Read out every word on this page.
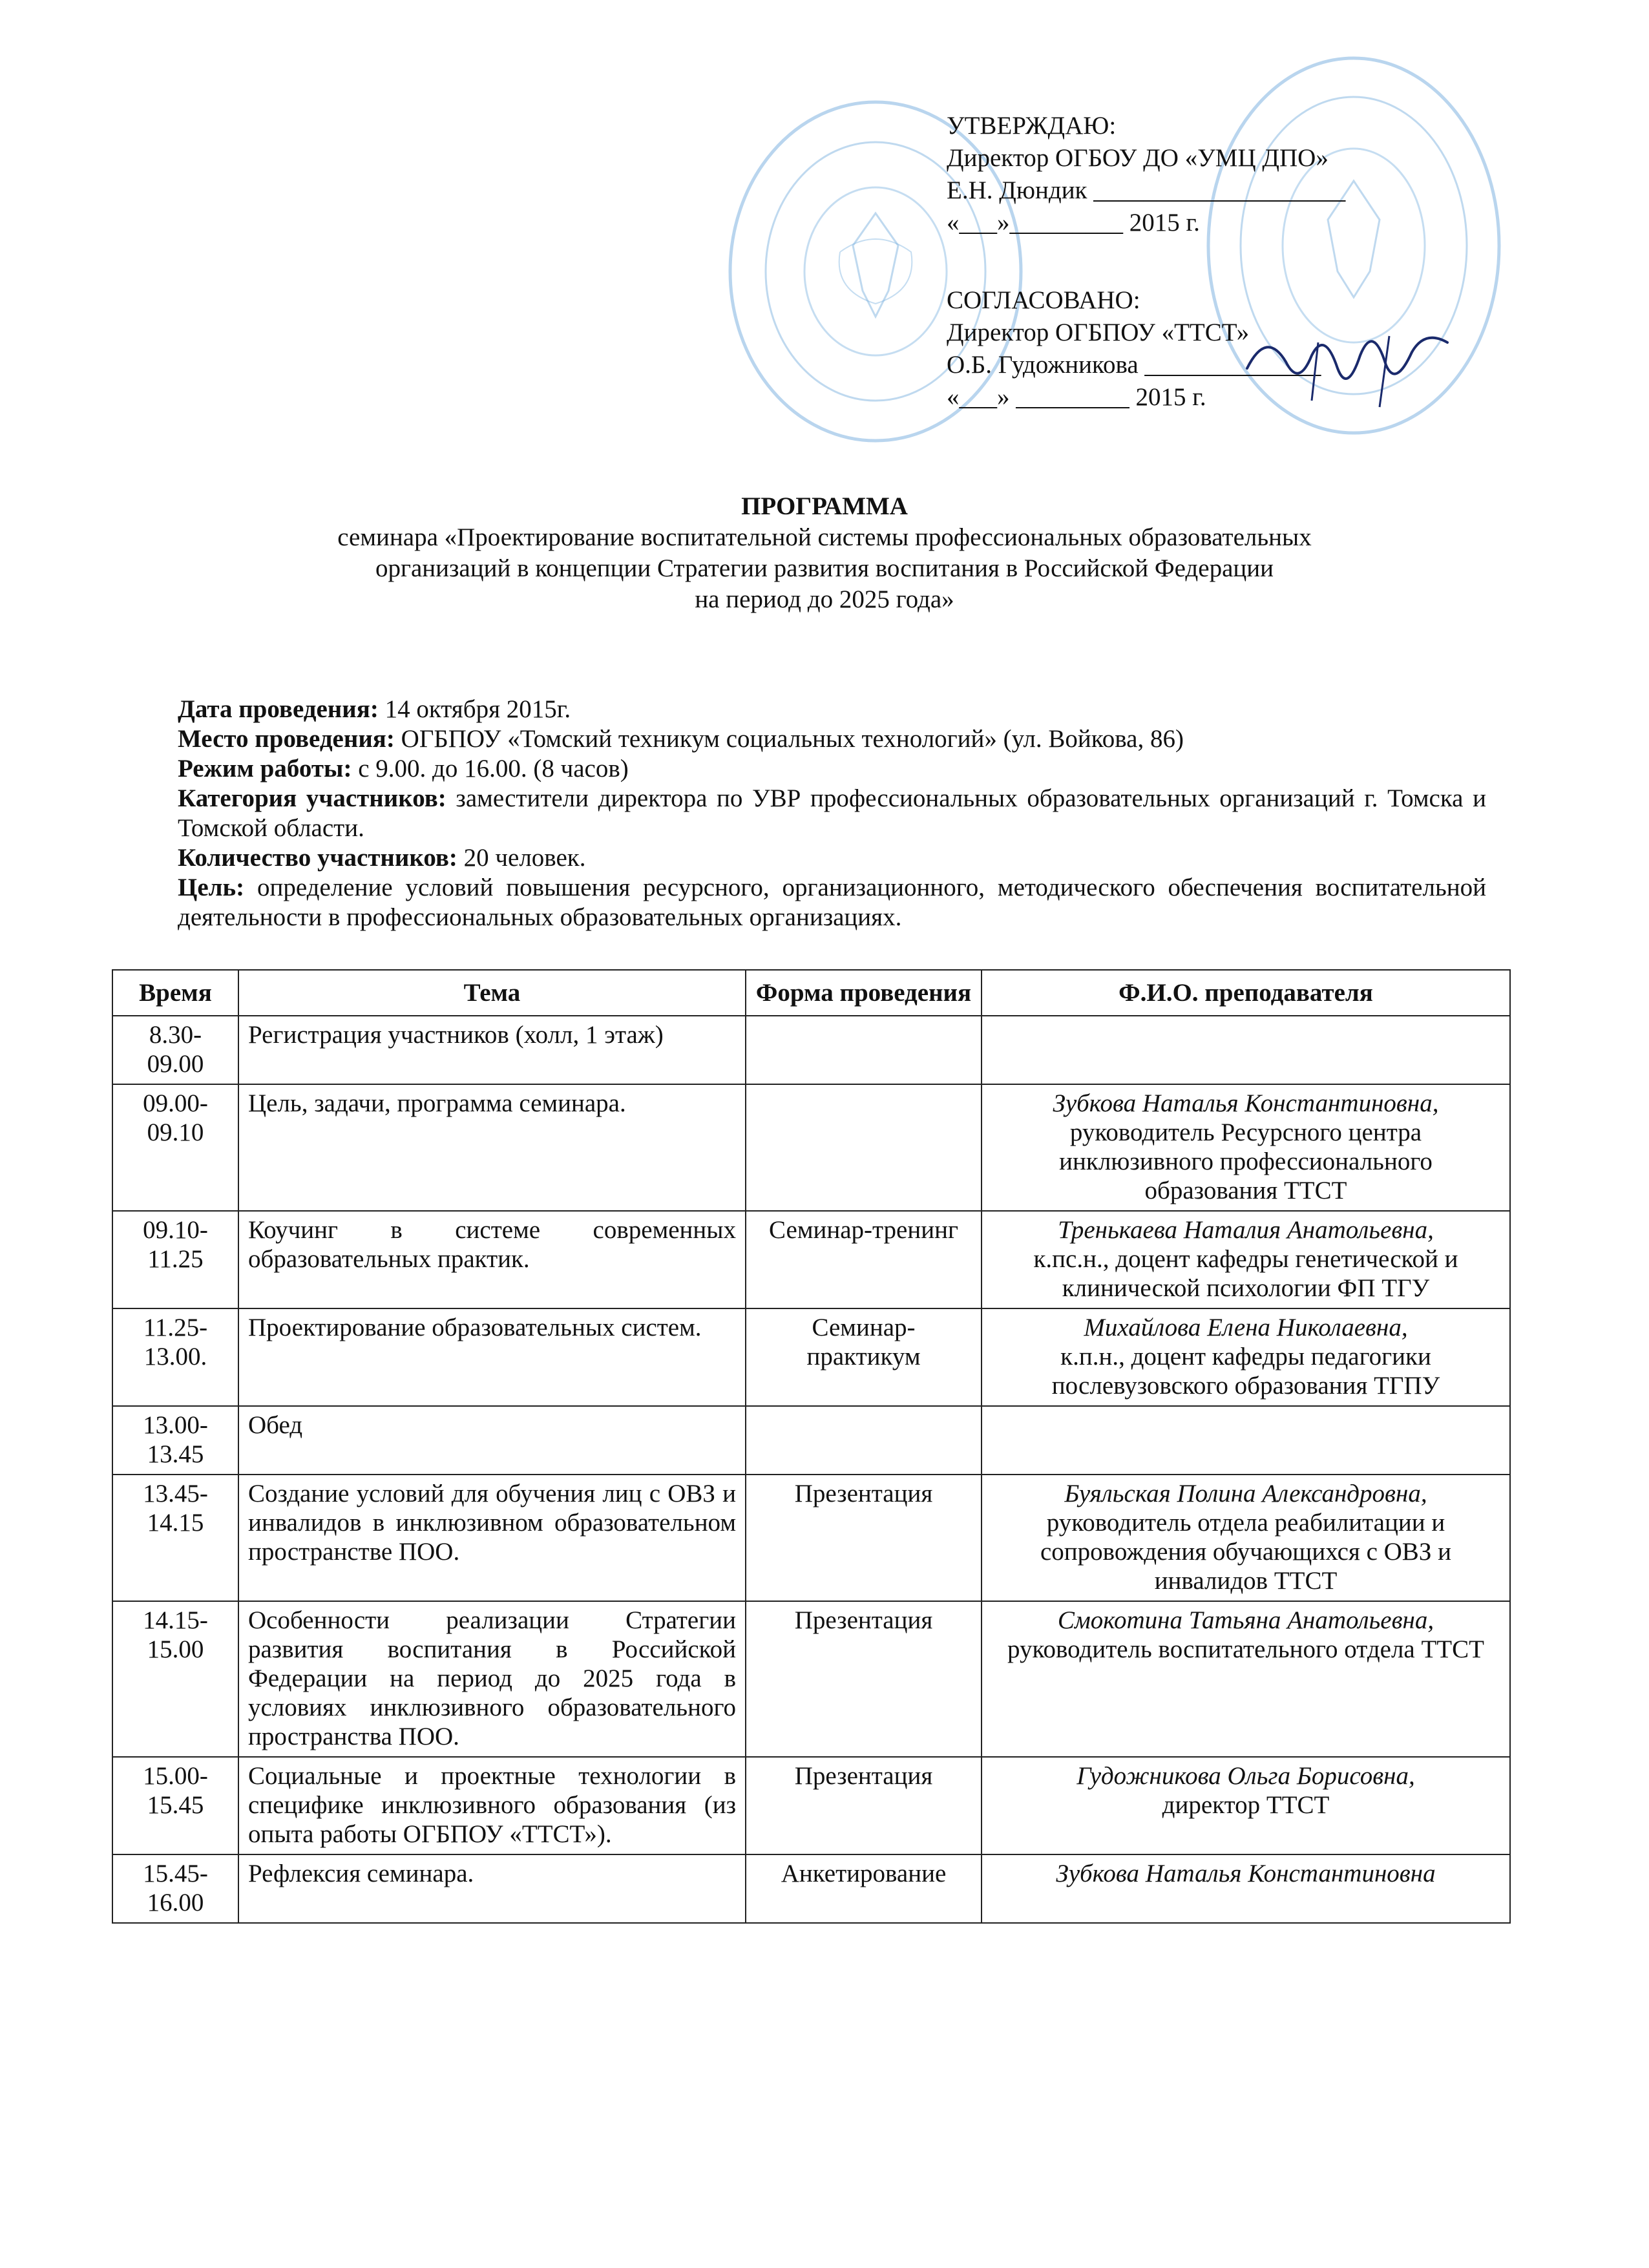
УТВЕРЖДАЮ:
Директор ОГБОУ ДО «УМЦ ДПО»
Е.Н. Дюндик ____________________
«___»_________ 2015 г.
СОГЛАСОВАНО:
Директор ОГБПОУ «ТТСТ»
О.Б. Гудожникова ______________
«___» _________ 2015 г.
ПРОГРАММА
семинара «Проектирование воспитательной системы профессиональных образовательных
организаций в концепции Стратегии развития воспитания в Российской Федерации
на период до 2025 года»

Дата проведения: 14 октября 2015г.

Место проведения: ОГБПОУ «Томский техникум социальных технологий» (ул. Войкова, 86)

Режим работы: с 9.00. до 16.00. (8 часов)

Категория участников: заместители директора по УВР профессиональных образовательных организаций г. Томска и Томской области.

Количество участников: 20 человек.

Цель: определение условий повышения ресурсного, организационного, методического обеспечения воспитательной деятельности в профессиональных образовательных организациях.

Время	Тема	Форма проведения	Ф.И.О. преподавателя
8.30-09.00	Регистрация участников (холл, 1 этаж)		

09.00-09.10	Цель, задачи, программа семинара.		Зубкова Наталья Константиновна,
руководитель Ресурсного центра инклюзивного профессионального образования ТТСТ

09.10-11.25	Коучинг в системе современных образовательных практик.	Семинар-тренинг	Тренькаева Наталия Анатольевна,
к.пс.н., доцент кафедры генетической и клинической психологии ФП ТГУ

11.25-13.00.	Проектирование образовательных систем.	Семинар-практикум	Михайлова Елена Николаевна,
к.п.н., доцент кафедры педагогики послевузовского образования ТГПУ

13.00-13.45	Обед		

13.45-14.15	Создание условий для обучения лиц с ОВЗ и инвалидов в инклюзивном образовательном пространстве ПОО.	Презентация	Буяльская Полина Александровна,
руководитель отдела реабилитации и сопровождения обучающихся с ОВЗ и инвалидов ТТСТ

14.15-15.00	Особенности реализации Стратегии развития воспитания в Российской Федерации на период до 2025 года в условиях инклюзивного образовательного пространства ПОО.	Презентация	Смокотина Татьяна Анатольевна,
руководитель воспитательного отдела ТТСТ

15.00-15.45	Социальные и проектные технологии в специфике инклюзивного образования (из опыта работы ОГБПОУ «ТТСТ»).	Презентация	Гудожникова Ольга Борисовна,
директор ТТСТ

15.45-16.00	Рефлексия семинара.	Анкетирование	Зубкова Наталья Константиновна
